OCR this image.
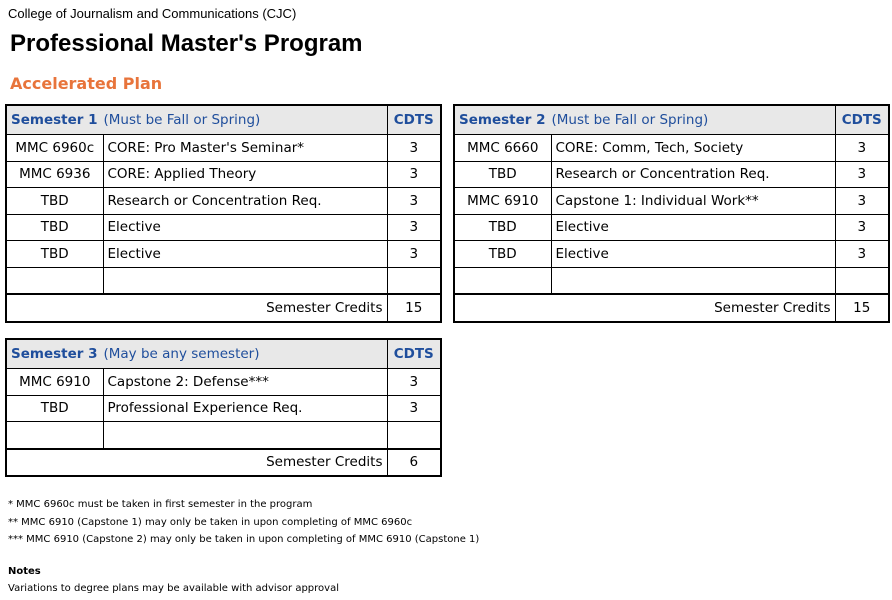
College of Journalism and Communications (CJC)
Professional Master's Program
Accelerated Plan
Semester 1 (Must be Fall or Spring)		CDTS
MMC 6960c	CORE: Pro Master's Seminar*	3
MMC 6936	CORE: Applied Theory	3
TBD	Research or Concentration Req.	3
TBD	Elective	3
TBD	Elective	3

Semester Credits		15
Semester 2 (Must be Fall or Spring)		CDTS
MMC 6660	CORE: Comm, Tech, Society	3
TBD	Research or Concentration Req.	3
MMC 6910	Capstone 1: Individual Work**	3
TBD	Elective	3
TBD	Elective	3

Semester Credits		15
Semester 3 (May be any semester)		CDTS
MMC 6910	Capstone 2: Defense***	3
TBD	Professional Experience Req.	3

Semester Credits		6
* MMC 6960c must be taken in first semester in the program
** MMC 6910 (Capstone 1) may only be taken in upon completing of MMC 6960c
*** MMC 6910 (Capstone 2) may only be taken in upon completing of MMC 6910 (Capstone 1)
Notes
Variations to degree plans may be available with advisor approval
